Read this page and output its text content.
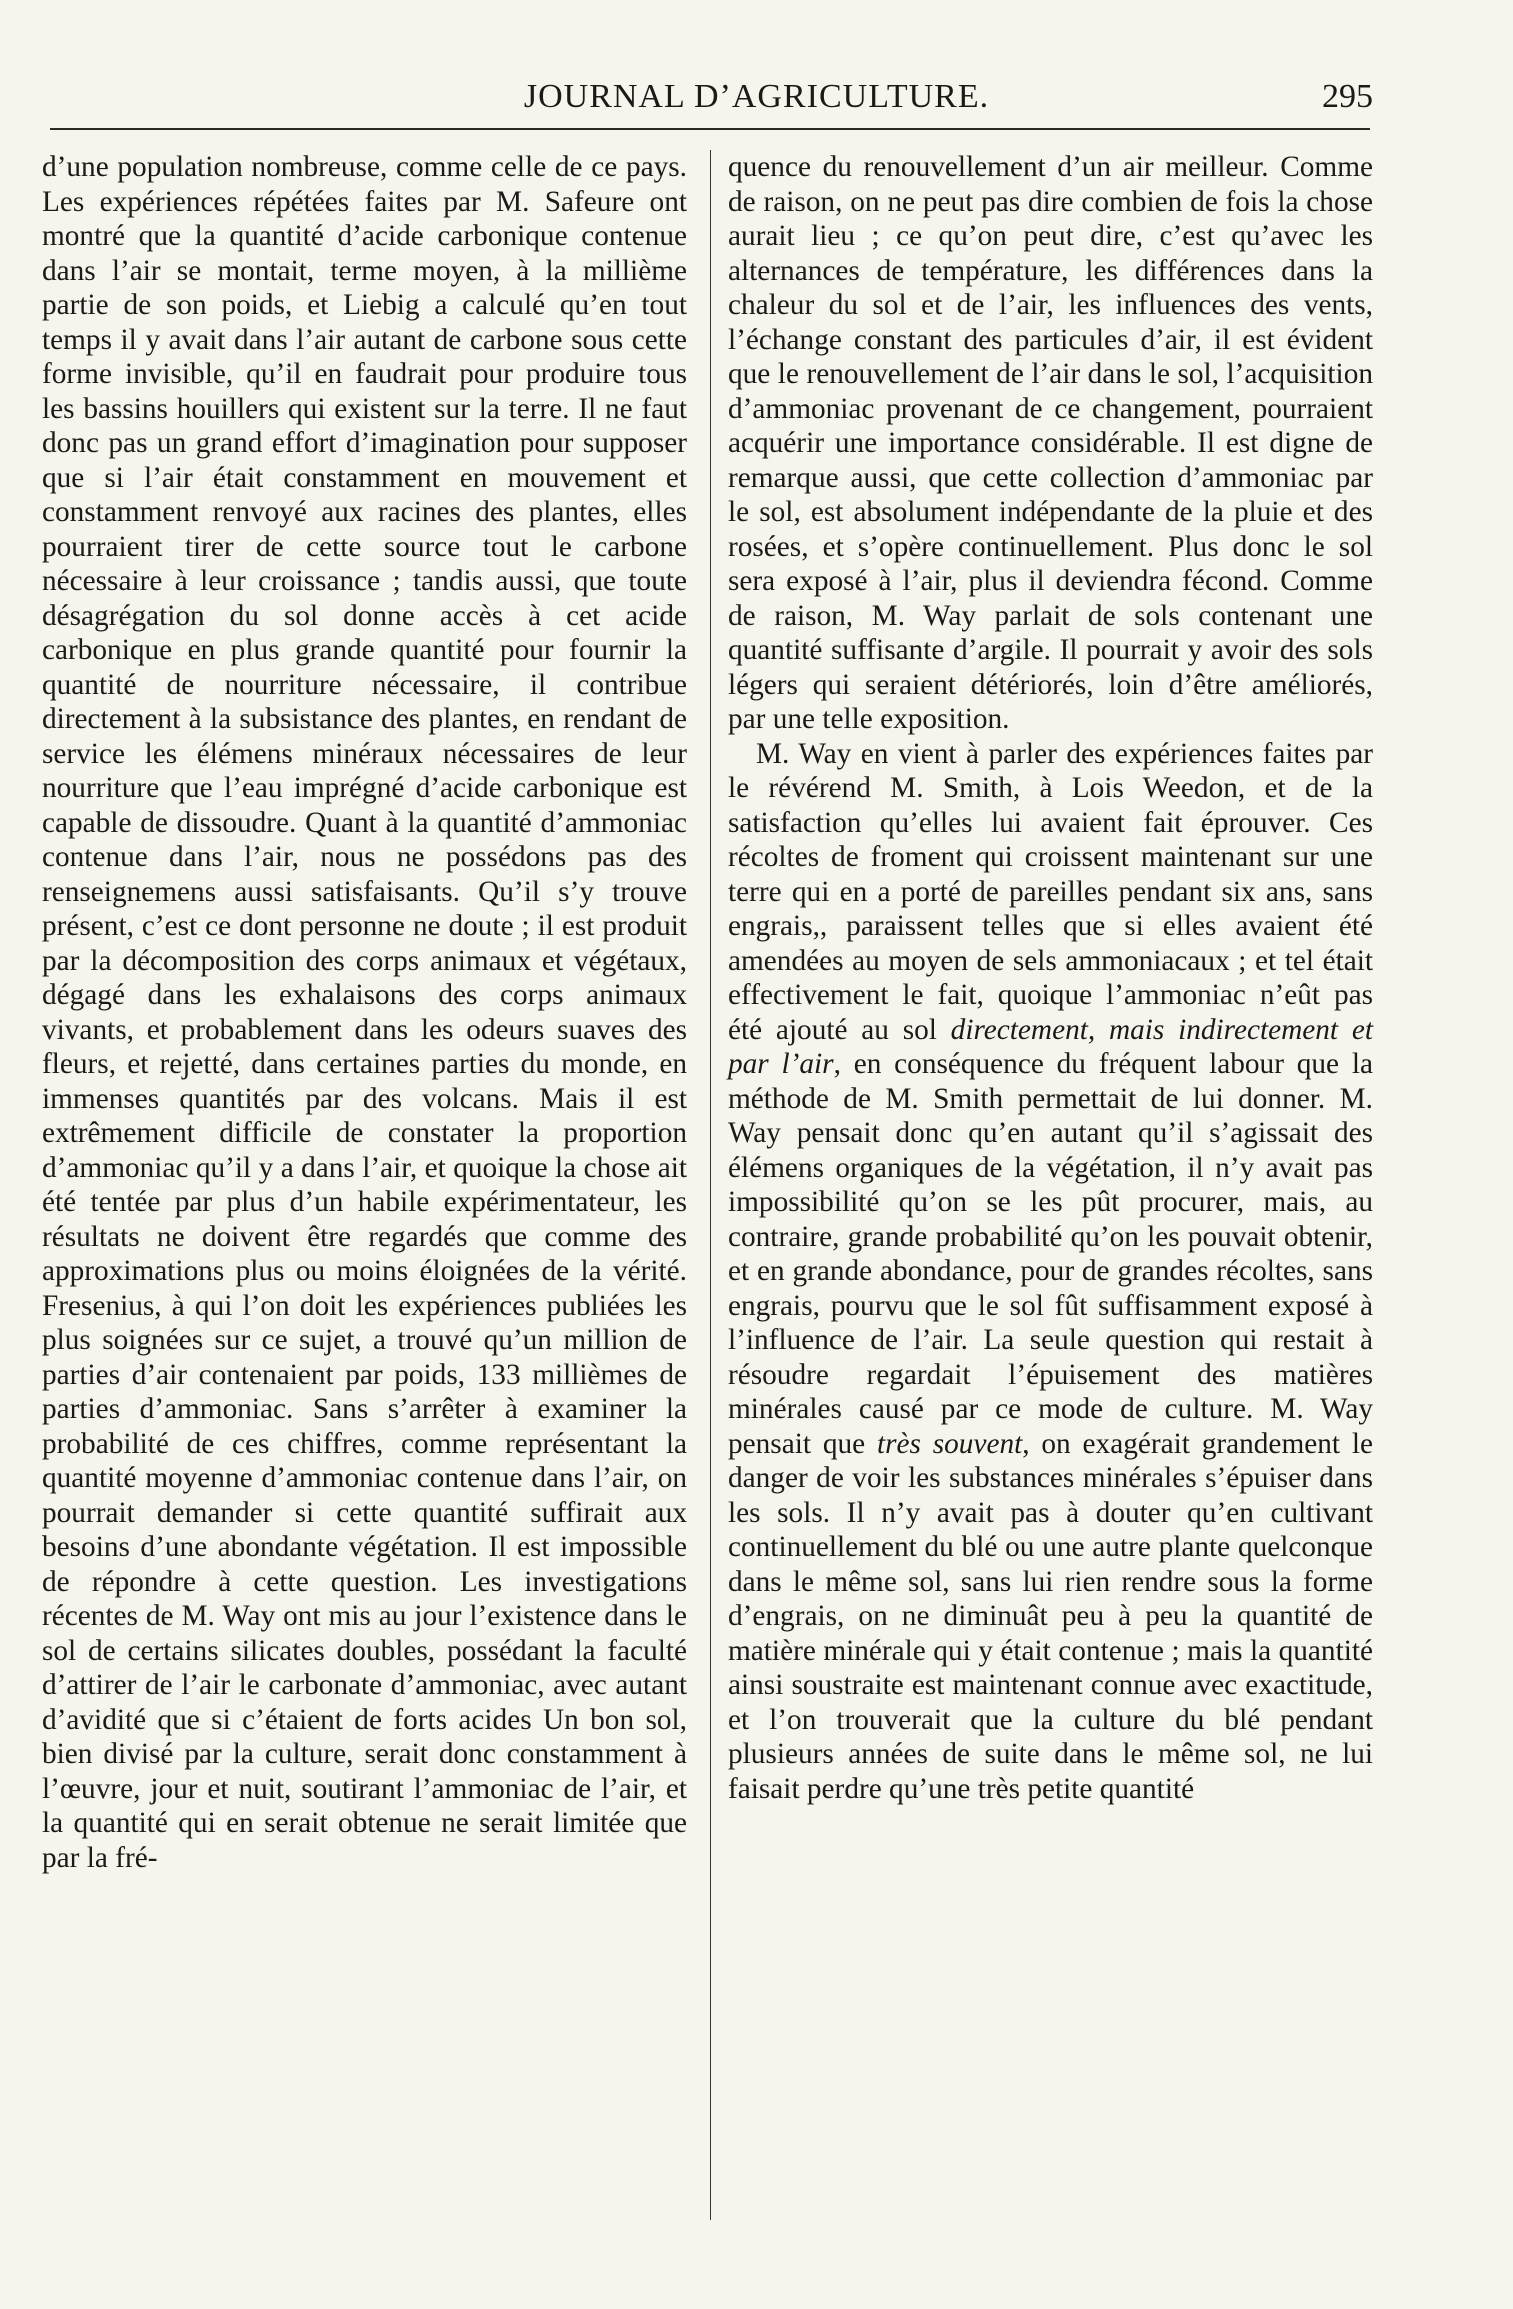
JOURNAL D’AGRICULTURE.	295

d’une population nombreuse, comme celle de ce pays. Les expériences répétées faites par M. Safeure ont montré que la quantité d’acide carbonique contenue dans l’air se montait, terme moyen, à la millième partie de son poids, et Liebig a calculé qu’en tout temps il y avait dans l’air autant de carbone sous cette forme invisible, qu’il en faudrait pour produire tous les bassins houillers qui existent sur la terre. Il ne faut donc pas un grand effort d’imagination pour supposer que si l’air était constamment en mouvement et constamment renvoyé aux racines des plantes, elles pourraient tirer de cette source tout le carbone nécessaire à leur croissance ; tandis aussi, que toute désagrégation du sol donne accès à cet acide carbonique en plus grande quantité pour fournir la quantité de nourriture nécessaire, il contribue directement à la subsistance des plantes, en rendant de service les élémens minéraux nécessaires de leur nourriture que l’eau imprégné d’acide carbonique est capable de dissoudre. Quant à la quantité d’ammoniac contenue dans l’air, nous ne possédons pas des renseignemens aussi satisfaisants. Qu’il s’y trouve présent, c’est ce dont personne ne doute ; il est produit par la décomposition des corps animaux et végétaux, dégagé dans les exhalaisons des corps animaux vivants, et probablement dans les odeurs suaves des fleurs, et rejetté, dans certaines parties du monde, en immenses quantités par des volcans. Mais il est extrêmement difficile de constater la proportion d’ammoniac qu’il y a dans l’air, et quoique la chose ait été tentée par plus d’un habile expérimentateur, les résultats ne doivent être regardés que comme des approximations plus ou moins éloignées de la vérité. Fresenius, à qui l’on doit les expériences publiées les plus soignées sur ce sujet, a trouvé qu’un million de parties d’air contenaient par poids, 133 millièmes de parties d’ammoniac. Sans s’arrêter à examiner la probabilité de ces chiffres, comme représentant la quantité moyenne d’ammoniac contenue dans l’air, on pourrait demander si cette quantité suffirait aux besoins d’une abondante végétation. Il est impossible de répondre à cette question. Les investigations récentes de M. Way ont mis au jour l’existence dans le sol de certains silicates doubles, possédant la faculté d’attirer de l’air le carbonate d’ammoniac, avec autant d’avidité que si c’étaient de forts acides Un bon sol, bien divisé par la culture, serait donc constamment à l’œuvre, jour et nuit, soutirant l’ammoniac de l’air, et la quantité qui en serait obtenue ne serait limitée que par la fré-

quence du renouvellement d’un air meilleur. Comme de raison, on ne peut pas dire combien de fois la chose aurait lieu ; ce qu’on peut dire, c’est qu’avec les alternances de température, les différences dans la chaleur du sol et de l’air, les influences des vents, l’échange constant des particules d’air, il est évident que le renouvellement de l’air dans le sol, l’acquisition d’ammoniac provenant de ce changement, pourraient acquérir une importance considérable. Il est digne de remarque aussi, que cette collection d’ammoniac par le sol, est absolument indépendante de la pluie et des rosées, et s’opère continuellement. Plus donc le sol sera exposé à l’air, plus il deviendra fécond. Comme de raison, M. Way parlait de sols contenant une quantité suffisante d’argile. Il pourrait y avoir des sols légers qui seraient détériorés, loin d’être améliorés, par une telle exposition.

M. Way en vient à parler des expériences faites par le révérend M. Smith, à Lois Weedon, et de la satisfaction qu’elles lui avaient fait éprouver. Ces récoltes de froment qui croissent maintenant sur une terre qui en a porté de pareilles pendant six ans, sans engrais,, paraissent telles que si elles avaient été amendées au moyen de sels ammoniacaux ; et tel était effectivement le fait, quoique l’ammoniac n’eût pas été ajouté au sol directement, mais indirectement et par l’air, en conséquence du fréquent labour que la méthode de M. Smith permettait de lui donner. M. Way pensait donc qu’en autant qu’il s’agissait des élémens organiques de la végétation, il n’y avait pas impossibilité qu’on se les pût procurer, mais, au contraire, grande probabilité qu’on les pouvait obtenir, et en grande abondance, pour de grandes récoltes, sans engrais, pourvu que le sol fût suffisamment exposé à l’influence de l’air. La seule question qui restait à résoudre regardait l’épuisement des matières minérales causé par ce mode de culture. M. Way pensait que très souvent, on exagérait grandement le danger de voir les substances minérales s’épuiser dans les sols. Il n’y avait pas à douter qu’en cultivant continuellement du blé ou une autre plante quelconque dans le même sol, sans lui rien rendre sous la forme d’engrais, on ne diminuât peu à peu la quantité de matière minérale qui y était contenue ; mais la quantité ainsi soustraite est maintenant connue avec exactitude, et l’on trouverait que la culture du blé pendant plusieurs années de suite dans le même sol, ne lui faisait perdre qu’une très petite quantité
